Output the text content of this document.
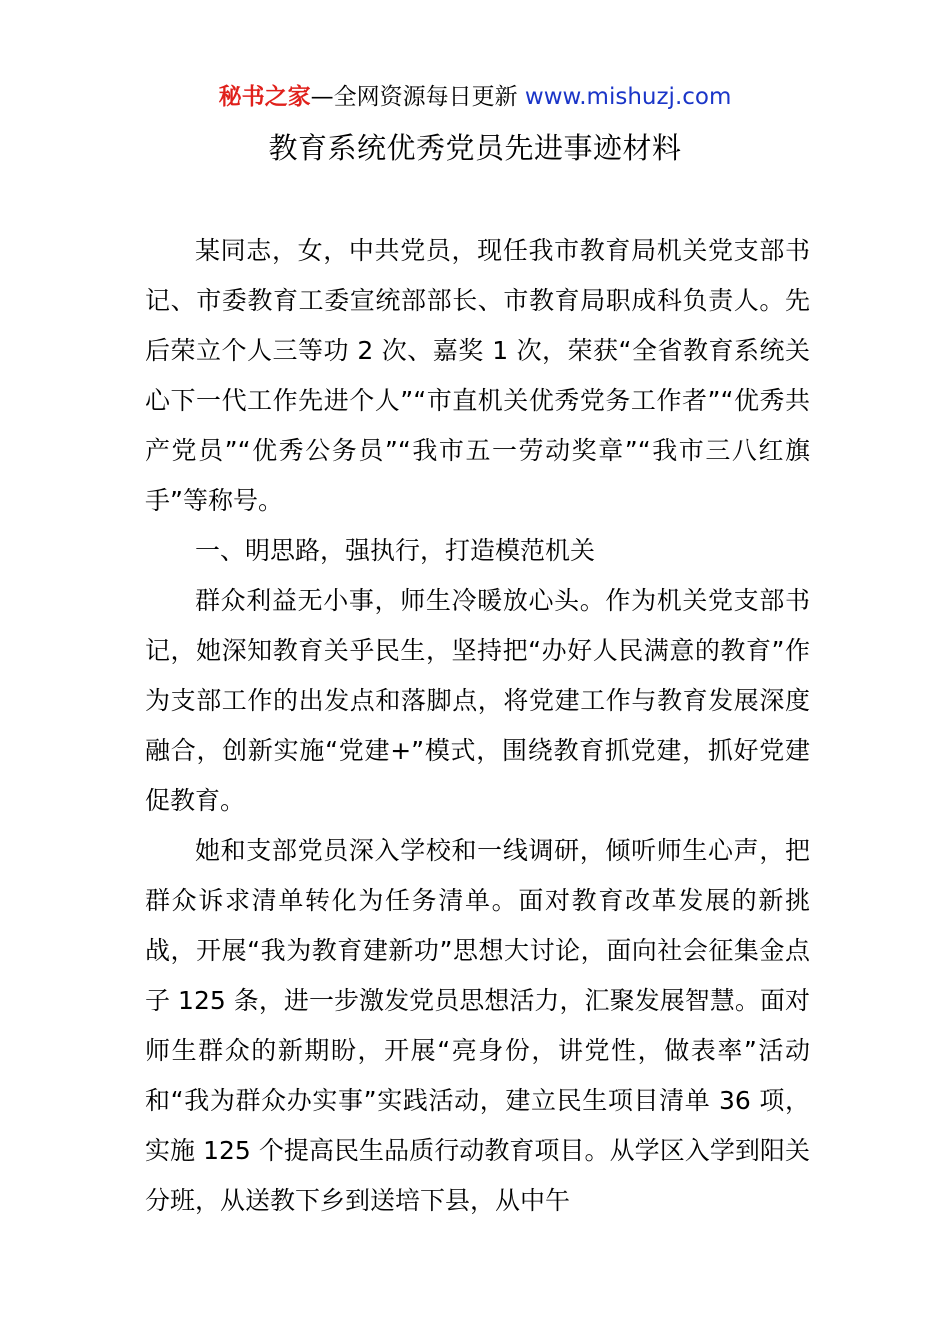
秘书之家—全网资源每日更新 www.mishuzj.com
教育系统优秀党员先进事迹材料

某同志，女，中共党员，现任我市教育局机关党支部书记、市委教育工委宣统部部长、市教育局职成科负责人。先后荣立个人三等功 2 次、嘉奖 1 次，荣获“全省教育系统关心下一代工作先进个人”“市直机关优秀党务工作者”“优秀共产党员”“优秀公务员”“我市五一劳动奖章”“我市三八红旗手”等称号。

一、明思路，强执行，打造模范机关

群众利益无小事，师生冷暖放心头。作为机关党支部书记，她深知教育关乎民生，坚持把“办好人民满意的教育”作为支部工作的出发点和落脚点，将党建工作与教育发展深度融合，创新实施“党建+”模式，围绕教育抓党建，抓好党建促教育。

她和支部党员深入学校和一线调研，倾听师生心声，把群众诉求清单转化为任务清单。面对教育改革发展的新挑战，开展“我为教育建新功”思想大讨论，面向社会征集金点子 125 条，进一步激发党员思想活力，汇聚发展智慧。面对师生群众的新期盼，开展“亮身份，讲党性，做表率”活动和“我为群众办实事”实践活动，建立民生项目清单 36 项，实施 125 个提高民生品质行动教育项目。从学区入学到阳关分班，从送教下乡到送培下县，从中午
